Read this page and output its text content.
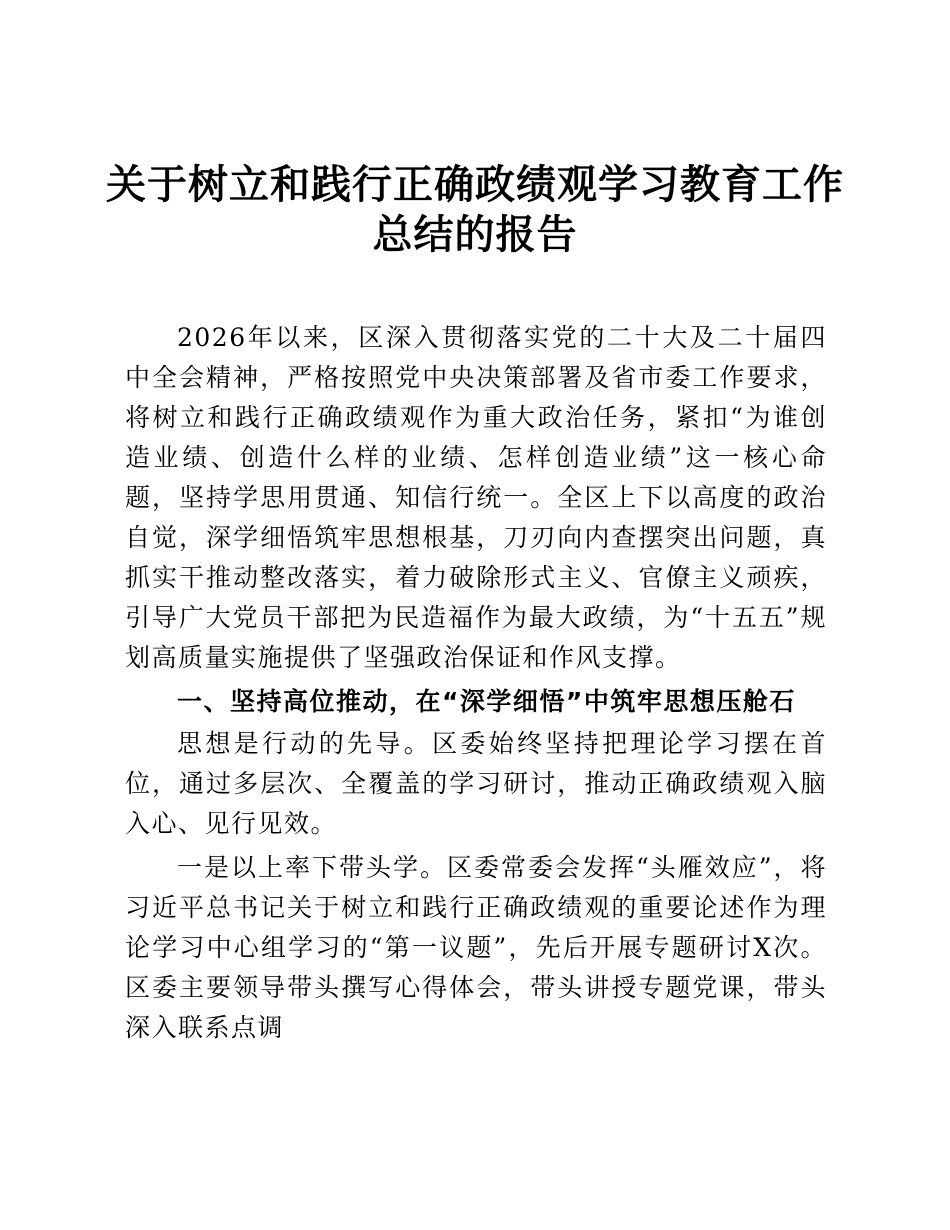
关于树立和践行正确政绩观学习教育工作总结的报告

2026年以来，区深入贯彻落实党的二十大及二十届四中全会精神，严格按照党中央决策部署及省市委工作要求，将树立和践行正确政绩观作为重大政治任务，紧扣“为谁创造业绩、创造什么样的业绩、怎样创造业绩”这一核心命题，坚持学思用贯通、知信行统一。全区上下以高度的政治自觉，深学细悟筑牢思想根基，刀刃向内查摆突出问题，真抓实干推动整改落实，着力破除形式主义、官僚主义顽疾，引导广大党员干部把为民造福作为最大政绩，为“十五五”规划高质量实施提供了坚强政治保证和作风支撑。

一、坚持高位推动，在“深学细悟”中筑牢思想压舱石

思想是行动的先导。区委始终坚持把理论学习摆在首位，通过多层次、全覆盖的学习研讨，推动正确政绩观入脑入心、见行见效。

一是以上率下带头学。区委常委会发挥“头雁效应”，将习近平总书记关于树立和践行正确政绩观的重要论述作为理论学习中心组学习的“第一议题”，先后开展专题研讨X次。区委主要领导带头撰写心得体会，带头讲授专题党课，带头深入联系点调
